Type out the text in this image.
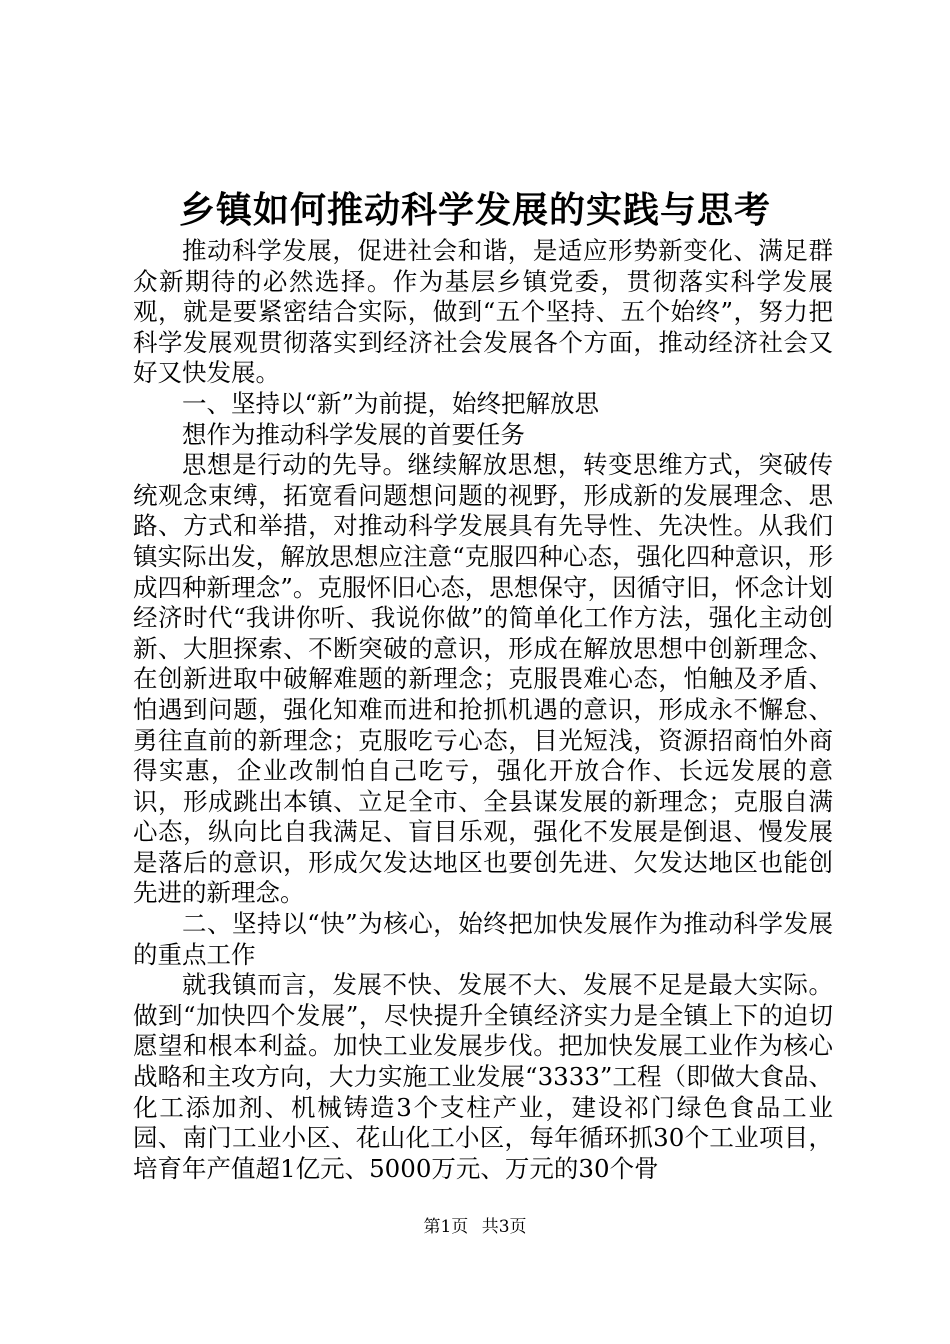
乡镇如何推动科学发展的实践与思考

推动科学发展，促进社会和谐，是适应形势新变化、满足群众新期待的必然选择。作为基层乡镇党委，贯彻落实科学发展观，就是要紧密结合实际，做到“五个坚持、五个始终”，努力把科学发展观贯彻落实到经济社会发展各个方面，推动经济社会又好又快发展。

一、坚持以“新”为前提，始终把解放思

想作为推动科学发展的首要任务

思想是行动的先导。继续解放思想，转变思维方式，突破传统观念束缚，拓宽看问题想问题的视野，形成新的发展理念、思路、方式和举措，对推动科学发展具有先导性、先决性。从我们镇实际出发，解放思想应注意“克服四种心态，强化四种意识，形成四种新理念”。克服怀旧心态，思想保守，因循守旧，怀念计划经济时代“我讲你听、我说你做”的简单化工作方法，强化主动创新、大胆探索、不断突破的意识，形成在解放思想中创新理念、在创新进取中破解难题的新理念；克服畏难心态，怕触及矛盾、怕遇到问题，强化知难而进和抢抓机遇的意识，形成永不懈怠、勇往直前的新理念；克服吃亏心态，目光短浅，资源招商怕外商得实惠，企业改制怕自己吃亏，强化开放合作、长远发展的意识，形成跳出本镇、立足全市、全县谋发展的新理念；克服自满心态，纵向比自我满足、盲目乐观，强化不发展是倒退、慢发展是落后的意识，形成欠发达地区也要创先进、欠发达地区也能创先进的新理念。

二、坚持以“快”为核心，始终把加快发展作为推动科学发展的重点工作

就我镇而言，发展不快、发展不大、发展不足是最大实际。做到“加快四个发展”，尽快提升全镇经济实力是全镇上下的迫切愿望和根本利益。加快工业发展步伐。把加快发展工业作为核心战略和主攻方向，大力实施工业发展“3333”工程（即做大食品、化工添加剂、机械铸造3个支柱产业，建设祁门绿色食品工业园、南门工业小区、花山化工小区，每年循环抓30个工业项目，培育年产值超1亿元、5000万元、万元的30个骨

第1页 共3页
